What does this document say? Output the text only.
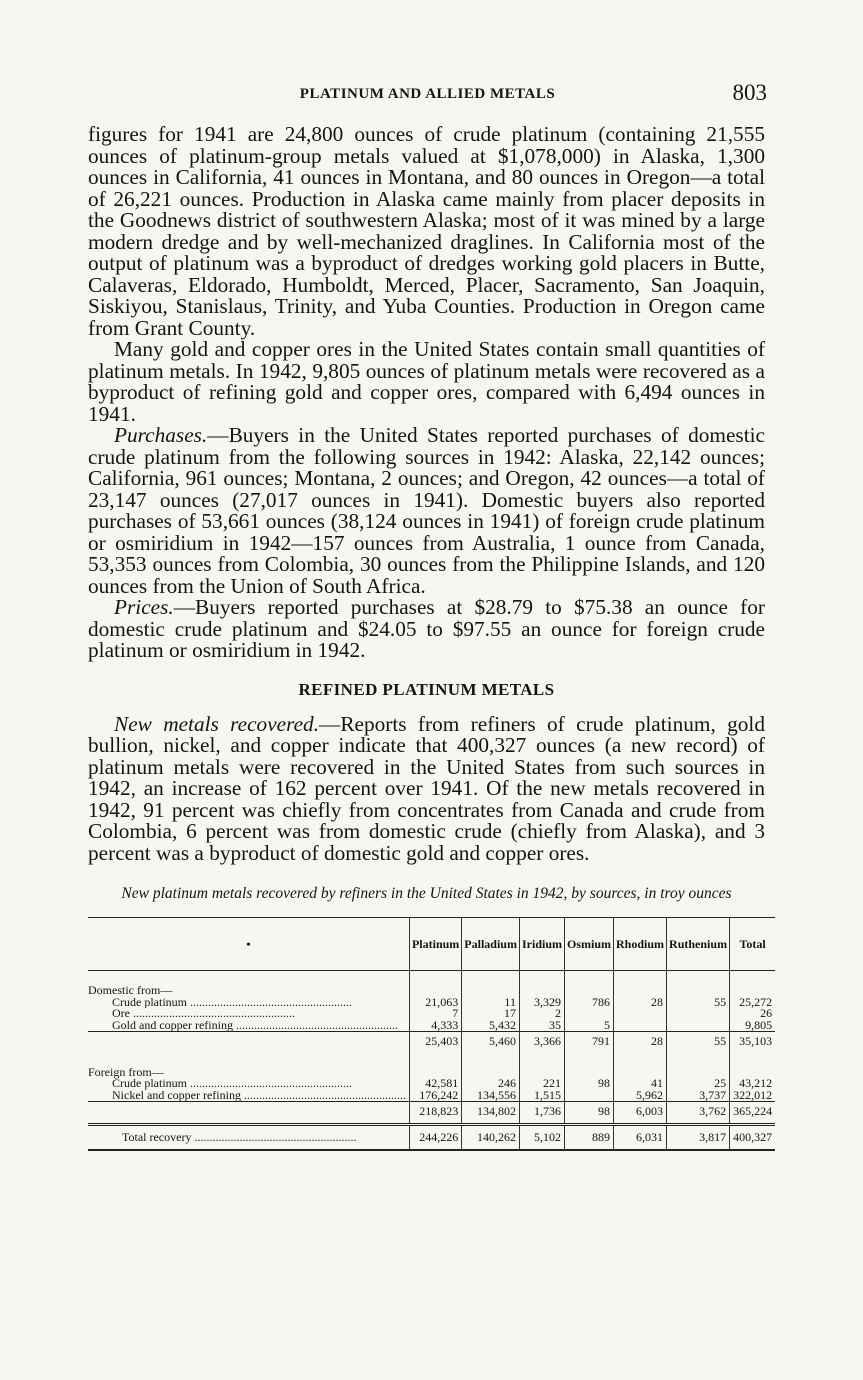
PLATINUM AND ALLIED METALS	803

figures for 1941 are 24,800 ounces of crude platinum (containing 21,555 ounces of platinum-group metals valued at $1,078,000) in Alaska, 1,300 ounces in California, 41 ounces in Montana, and 80 ounces in Oregon—a total of 26,221 ounces. Production in Alaska came mainly from placer deposits in the Goodnews district of southwestern Alaska; most of it was mined by a large modern dredge and by well-mechanized draglines. In California most of the output of platinum was a byproduct of dredges working gold placers in Butte, Calaveras, Eldorado, Humboldt, Merced, Placer, Sacramento, San Joaquin, Siskiyou, Stanislaus, Trinity, and Yuba Counties. Production in Oregon came from Grant County.

Many gold and copper ores in the United States contain small quantities of platinum metals. In 1942, 9,805 ounces of platinum metals were recovered as a byproduct of refining gold and copper ores, compared with 6,494 ounces in 1941.

Purchases.—Buyers in the United States reported purchases of domestic crude platinum from the following sources in 1942: Alaska, 22,142 ounces; California, 961 ounces; Montana, 2 ounces; and Oregon, 42 ounces—a total of 23,147 ounces (27,017 ounces in 1941). Domestic buyers also reported purchases of 53,661 ounces (38,124 ounces in 1941) of foreign crude platinum or osmiridium in 1942—157 ounces from Australia, 1 ounce from Canada, 53,353 ounces from Colombia, 30 ounces from the Philippine Islands, and 120 ounces from the Union of South Africa.

Prices.—Buyers reported purchases at $28.79 to $75.38 an ounce for domestic crude platinum and $24.05 to $97.55 an ounce for foreign crude platinum or osmiridium in 1942.

REFINED PLATINUM METALS

New metals recovered.—Reports from refiners of crude platinum, gold bullion, nickel, and copper indicate that 400,327 ounces (a new record) of platinum metals were recovered in the United States from such sources in 1942, an increase of 162 percent over 1941. Of the new metals recovered in 1942, 91 percent was chiefly from concentrates from Canada and crude from Colombia, 6 percent was from domestic crude (chiefly from Alaska), and 3 percent was a byproduct of domestic gold and copper ores.

New platinum metals recovered by refiners in the United States in 1942, by sources, in troy ounces

•	Platinum	Palladium	Iridium	Osmium	Rhodium	Ruthenium	Total
Domestic from—							
Crude platinum .....	21,063	11	3,329	786	28	55	25,272
Ore .....	7	17	2				26
Gold and copper refining .....	4,333	5,432	35	5			9,805
	25,403	5,460	3,366	791	28	55	35,103
Foreign from—							
Crude platinum .....	42,581	246	221	98	41	25	43,212
Nickel and copper refining .....	176,242	134,556	1,515		5,962	3,737	322,012
	218,823	134,802	1,736	98	6,003	3,762	365,224
Total recovery .....	244,226	140,262	5,102	889	6,031	3,817	400,327
